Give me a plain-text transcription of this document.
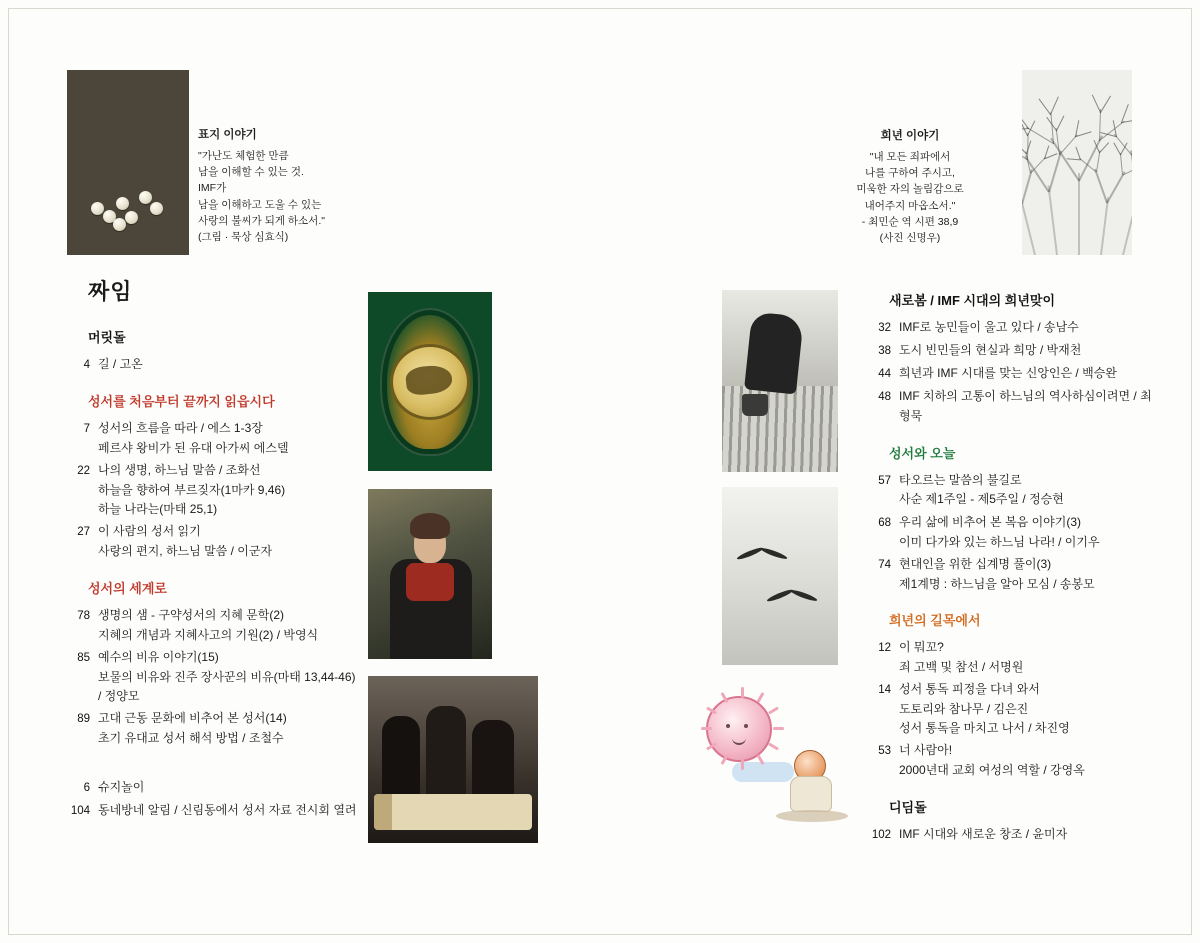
표지 이야기
"가난도 체험한 만큼
남을 이해할 수 있는 것.
IMF가
남을 이해하고 도울 수 있는
사랑의 불씨가 되게 하소서."
(그림 · 묵상 심효식)
희년 이야기
"내 모든 죄파에서
나를 구하여 주시고,
미욱한 자의 놀림감으로
내어주지 마옵소서."
- 최민순 역 시편 38,9
(사진 신명우)
짜임
머릿돌
4 길 / 고온
성서를 처음부터 끝까지 읽읍시다
7 성서의 흐름을 따라 / 에스 1-3장
페르샤 왕비가 된 유대 아가씨 에스델
22 나의 생명, 하느님 말씀 / 조화선
하늘을 향하여 부르짖자(1마카 9,46)
하늘 나라는(마태 25,1)
27 이 사람의 성서 읽기
사랑의 편지, 하느님 말씀 / 이군자
성서의 세계로
78 생명의 샘 - 구약성서의 지혜 문학(2)
지혜의 개념과 지혜사고의 기원(2) / 박영식
85 예수의 비유 이야기(15)
보물의 비유와 진주 장사꾼의 비유(마태 13,44-46)
/ 정양모
89 고대 근동 문화에 비추어 본 성서(14)
초기 유대교 성서 해석 방법 / 조철수
6 슈지놀이
104 동네방네 알림 / 신림동에서 성서 자료 전시회 열려
새로봄 / IMF 시대의 희년맞이
32 IMF로 농민들이 울고 있다 / 송남수
38 도시 빈민들의 현실과 희망 / 박재천
44 희년과 IMF 시대를 맞는 신앙인은 / 백승완
48 IMF 치하의 고통이 하느님의 역사하심이려면 / 최형묵
성서와 오늘
57 타오르는 말씀의 불길로
사순 제1주일 - 제5주일 / 정승현
68 우리 삶에 비추어 본 복음 이야기(3)
이미 다가와 있는 하느님 나라! / 이기우
74 현대인을 위한 십계명 풀이(3)
제1계명 : 하느님을 알아 모심 / 송봉모
희년의 길목에서
12 이 뭐꼬?
죄 고백 및 참선 / 서명원
14 성서 통독 피정을 다녀 와서
도토리와 참나무 / 김은진
성서 통독을 마치고 나서 / 차진영
53 너 사람아!
2000년대 교회 여성의 역할 / 강영옥
디딤돌
102 IMF 시대와 새로운 창조 / 윤미자
